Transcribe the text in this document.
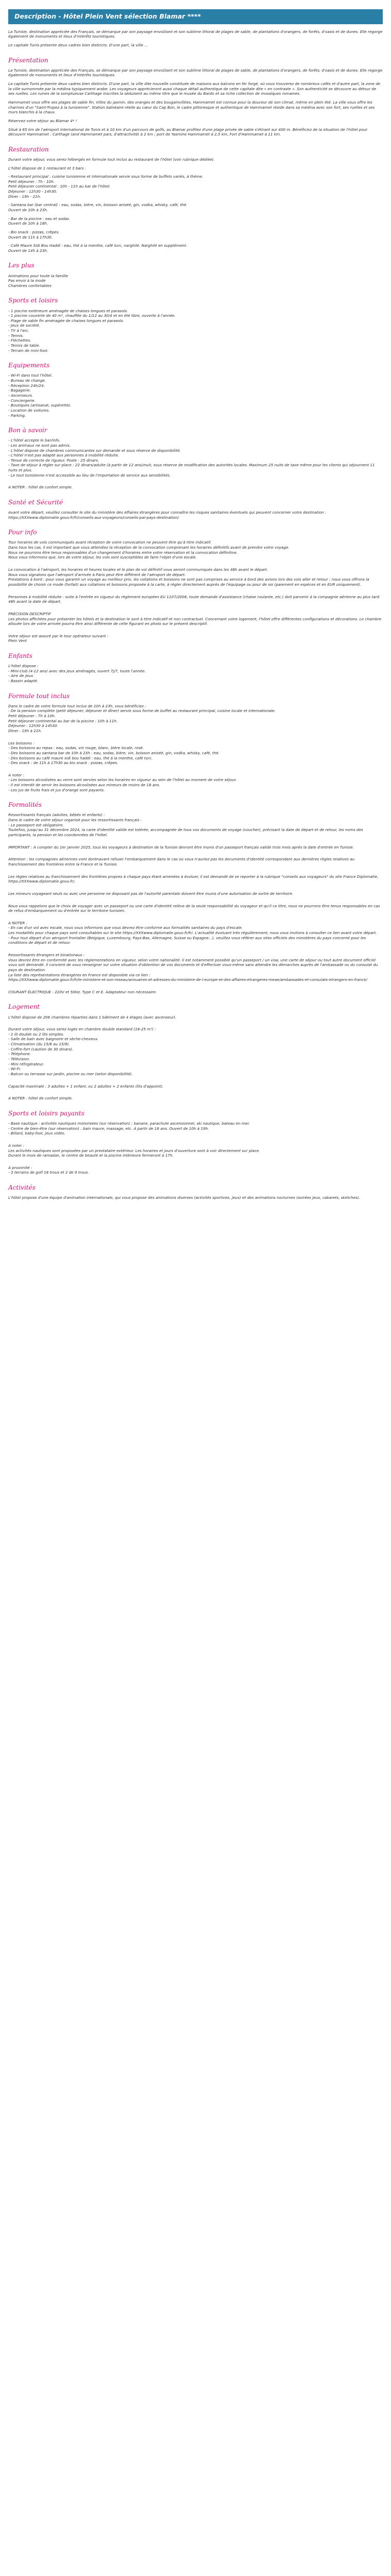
Description - Hôtel Plein Vent sélection Blamar ****
La Tunisie, destination appréciée des Français, se démarque par son paysage envoûtant et son sublime littoral de plages de sable, de plantations d'orangers, de forêts, d'oasis et de dunes. Elle regorge également de monuments et lieux d'intérêts touristiques.
Le capitale Tunis présente deux cadres bien distincts. D'une part, la ville ...
Présentation
La Tunisie, destination appréciée des Français, se démarque par son paysage envoûtant et son sublime littoral de plages de sable, de plantations d'orangers, de forêts, d'oasis et de dunes. Elle regorge également de monuments et lieux d'intérêts touristiques.
La capitale Tunis présente deux cadres bien distincts. D'une part, la ville dite nouvelle constituée de maisons aux balcons en fer forgé, où vous trouverez de nombreux cafés et d'autre part, la zone de la ville surnommée par la médina typiquement arabe. Les voyageurs apprécieront aussi chaque détail authentique de cette capitale dite « en contraste ». Son authenticité se découvre au détour de ses ruelles. Les ruines de la somptueuse Carthage inscrites la séduisent au même titre que le musée du Bardo et sa riche collection de mosaïques romaines.
Hammamet vous offre ses plages de sable fin, Villes du jasmin, des oranges et des bougainvillées, Hammamet est connue pour la douceur de son climat, même en plein été. La ville vous offre les charmes d'un "Saint-Tropez à la tunisienne". Station balnéaire réelle au cœur du Cap Bon, le cadre pittoresque et authentique de Hammamet réside dans sa médina avec son fort, ses ruelles et ses murs blanchis à la chaux.
Réservez votre séjour au Blamar 4* !
Situé à 65 km de l'aéroport international de Tunis et à 10 km d'un parcours de golfs, au Blamar profitez d'une plage privée de sable s'étirant sur 400 m. Bénéficiez de la situation de l'hôtel pour découvrir Hammamet : Carthage (and Hammamet pars, d'attractivité) à 2 km ; port de Yasmine Hammamet à 2,5 km, Fort d'Hammamet à 11 km.
Restauration
Durant votre séjour, vous serez hébergés en formule tout inclus au restaurant de l'hôtel (voir rubrique dédiée).
L'hôtel dispose de 1 restaurant et 3 bars :
- Restaurant principal : cuisine tunisienne et internationale servie sous forme de buffets variés, à thème.
Petit déjeuner : 7h - 10h.
Petit déjeuner continental : 10h - 11h au bar de l'hôtel.
Déjeuner : 12h30 - 14h30.
Dîner : 19h - 21h.
- Santana bar (bar central) : eau, sodas, bière, vin, boisson aniséé, gin, vodka, whisky, café, thé.
Ouvert de 10h à 23h.
- Bar de la piscine : eau et sodas.
Ouvert de 10h à 18h.
- Bio snack : pizzas, crêpes.
Ouvert de 11h à 17h30.
- Café Maure Sidi Bou Haddi : eau, thé à la menthe, café turc, narghilé. Narghilé en supplément.
Ouvert de 14h à 23h.
Les plus
Animations pour toute la famille
Pas envoi à la mode
Chambres confortables
Sports et loisirs
- 1 piscine extérieure aménagée de chaises longues et parasols.
- 1 piscine couverte de 40 m², chauffée du 1/12 au 30/4 et en été libre, ouverte à l'année.
- Plage de sable fin aménagée de chaises longues et parasols.
- Jeux de société.
- Tir à l'arc.
- Tennis.
- Fléchettes.
- Tennis de table.
- Terrain de mini-foot.
Equipements
- Wi-Fi dans tout l'hôtel.
- Bureau de change.
- Réception 24h/24.
- Bagagerie.
- Ascenseurs.
- Conciergerie.
- Boutiques (artisanat, supérette).
- Location de voitures.
- Parking.
Bon à savoir
- L'hôtel accepte le bar/info.
- Les animaux ne sont pas admis.
- L'hôtel dispose de chambres communicantes sur demande et sous réserve de disponibilité.
- L'hôtel n'est pas adapté aux personnes à mobilité réduite.
- Tenue de correcte de rigueur. Poste : 25 dinars.
- Taxe de séjour à régler sur place : 22 dinars/adulte (à partir de 12 ans)/nuit, sous réserve de modification des autorités locales. Maximum 25 nuits de taxe même pour les clients qui séjournent 11 nuits et plus.
- Le tout tunisienne n'est accessible au lieu de l'importation de service aux sensibilités.
A NOTER : hôtel de confort simple.
Santé et Sécurité
Avant votre départ, veuillez consulter le site du ministère des Affaires étrangères pour connaître les risques sanitaires éventuels qui peuvent concerner votre destination : https://XXXwww.diplomatie.gouv.fr/fr/conseils-aux-voyageurs/conseils-par-pays-destination/
Pour info
Tour horaires de vols communiqués avant réception de votre convocation ne peuvent être qu'à titre indicatif.
Dans tous les cas, il est important que vous attendiez la réception de la convocation comprenant les horaires définitifs avant de prendre votre voyage.
Nous ne pourrons être tenus responsables d'un changement d'horaires entre votre réservation et la convocation définitive.
Nous vous informons que, lors de votre séjour, les vols sont susceptibles de faire l'objet d'une escale.
La convocation à l'aéroport, les horaires et heures locales et le plan de vol définitif vous seront communiqués dans les 48h avant le départ.
Nous vous signalons que l'aéroport d'arrivée à Paris peut être différent de l'aéroport de départ.
Prestations à bord : pour vous garantir un voyage au meilleur prix, les collations et boissons ne sont pas comprises au service à bord des avions lors des vols aller et retour ; nous vous offrons la possibilité de choisir ce mode (forfait) aux collations et boissons proposée à la carte, à régler directement auprès de l'équipage ou pour de soi (paiement en espèces et en EUR uniquement).
Personnes à mobilité réduite : suite à l'entrée en vigueur du règlement européen EU 1107/2006, toute demande d'assistance (chaise roulante, etc.) doit parvenir à la compagnie aérienne au plus tard 48h avant la date de départ.
PRÉCISION DESCRIPTIF
Les photos affichées pour présenter les hôtels et la destination le sont à titre indicatif et non contractuel. Concernant votre logement, l'hôtel offre différentes configurations et décorations. Le chambre allouée lors de votre arrivée pourra être ainsi différente de celle figurant en photo sur le présent descriptif.
Votre séjour est assuré par le tour opérateur suivant :
Plein Vent
Enfants
L'hôtel dispose :
- Mini-club (4-12 ans) avec des jeux aménagés, ouvert 7j/7, toute l'année.
- Aire de jeux.
- Bassin adapté.
Formule tout inclus
Dans le cadre de votre formule tout inclus de 10h à 23h, vous bénéficiez :
- De la pension complète (petit déjeuner, déjeuner et dîner) servie sous forme de buffet au restaurant principal, cuisine locale et internationale.
Petit déjeuner : 7h à 10h.
Petit déjeuner continental au bar de la piscine : 10h à 11h.
Déjeuner : 12h30 à 14h30.
Dîner : 19h à 21h.
Les boissons :
- Des boissons au repas : eau, sodas, vin rouge, blanc, bière locale, rosé.
- Des boissons au santana bar de 10h à 23h : eau, sodas, bière, vin, boisson aniséé, gin, vodka, whisky, café, thé.
- Des boissons au café maure sidi bou haddi : eau, thé à la menthe, café turc.
- Des snack : de 11h à 17h30 au bio snack : pizzas, crêpes.
A noter :
- Les boissons alcoolisées au verre sont servies selon les horaires en vigueur au sein de l'hôtel au moment de votre séjour.
- Il est interdit de servir les boissons alcoolisées aux mineurs de moins de 18 ans.
- Les jus de fruits frais et jus d'orange sont payants.
Formalités
Ressortissants français (adultes, bébés et enfants) :
Dans le cadre de votre séjour organisé pour les ressortissants français :
- Le passeport est obligatoire.
Toutefois, jusqu'au 31 décembre 2024, la carte d'identité valide est tolérée, accompagnée de tous vos documents de voyage (voucher), précisant la date de départ et de retour, les noms des participants, la pension et les coordonnées de l'hôtel.
IMPORTANT : À compter du 1er janvier 2025, tous les voyageurs à destination de la Tunisie devront être munis d'un passeport français valide trois mois après la date d'entrée en Tunisie.
Attention : les compagnies aériennes vont dorénavant refuser l'embarquement dans le cas où vous n'auriez pas les documents d'identité correspondant aux dernières règles relatives au franchissement des frontières entre la France et la Tunisie.
Les règles relatives au franchissement des frontières propres à chaque pays étant amenées à évoluer, il est demandé de se reporter à la rubrique "conseils aux voyageurs" du site France Diplomatie, https://XXXwww.diplomatie.gouv.fr/.
Les mineurs voyageant seuls ou avec une personne ne disposant pas de l'autorité parentale doivent être munis d'une autorisation de sortie de territoire.
Nous vous rappelons que le choix de voyager avec un passeport ou une carte d'identité relève de la seule responsabilité du voyageur et qu'il ce titre, nous ne pourrons être tenus responsables en cas de refus d'embarquement ou d'entrée sur le territoire tunisien.
A NOTER :
- En cas d'un vol avec escale, nous vous informons que vous devrez être conforme aux formalités sanitaires du pays d'escale.
Les modalités pour chaque pays sont consultables sur le site https://XXXwww.diplomatie.gouv.fr/fr/. L'actualité évoluant très régulièrement, nous vous invitons à consulter ce lien avant votre départ.
- Pour tout départ d'un aéroport frontalier (Belgique, Luxembourg, Pays-Bas, Allemagne, Suisse ou Espagne...), veuillez vous référer aux sites officiels des ministères du pays concerné pour les conditions de départ et de retour.
Ressortissants étrangers et binationaux :
Vous devrez être en conformité avec les réglementations en vigueur, selon votre nationalité. Il est notamment possible qu'un passeport / un visa, une carte de séjour ou tout autre document officiel vous soit demandé. Il convient de vous renseigner sur votre situation d'obtention de vos documents et d'effectuer vous-même sans attendre les démarches auprès de l'ambassade ou du consulat du pays de destination.
La liste des représentations étrangères en France est disponible via ce lien :
https://XXXwww.diplomatie.gouv.fr/fr/le-ministere-et-son-reseau/annuaires-et-adresses-du-ministere-de-l-europe-et-des-affaires-etrangeres-meae/ambassades-et-consulats-etrangers-en-france/
COURANT ÉLECTRIQUE : 220V et 50Hz. Type C et E. Adaptateur non nécessaire.
Logement
L'hôtel dispose de 206 chambres réparties dans 1 bâtiment de 4 étages (avec ascenseur).
Durant votre séjour, vous serez logés en chambre double standard (18-25 m²) :
- 1 lit double ou 2 lits simples.
- Salle de bain avec baignoire et sèche-cheveux.
- Climatisation (du 15/6 au 15/9).
- Coffre-fort (caution de 30 dinars).
- Téléphone.
- Télévision.
- Mini réfrigérateur.
- Wi-Fi.
- Balcon ou terrasse sur jardin, piscine ou mer (selon disponibilité).
Capacité maximale : 3 adultes + 1 enfant, ou 2 adultes + 2 enfants (lits d'appoint).
A NOTER : hôtel de confort simple.
Sports et loisirs payants
- Base nautique : activités nautiques motorisées (sur réservation) : banane, parachute ascensionnel, ski nautique, bateau en mer.
- Centre de bien-être (sur réservation) : bain maure, massage, etc. À partir de 16 ans. Ouvert de 10h à 19h.
- Billard, baby-foot, jeux vidéo.
A noter :
Les activités nautiques sont proposées par un prestataire extérieur. Les horaires et jours d'ouverture sont à voir directement sur place.
Durant le mois de ramadan, le centre de beauté et la piscine intérieure fermeront à 17h.
À proximité :
- 3 terrains de golf 18 trous et 2 de 9 trous.
Activités
L'hôtel propose d'une équipe d'animation internationale, qui vous propose des animations diverses (activités sportives, jeux) et des animations nocturnes (soirées jeux, cabarets, sketches).
